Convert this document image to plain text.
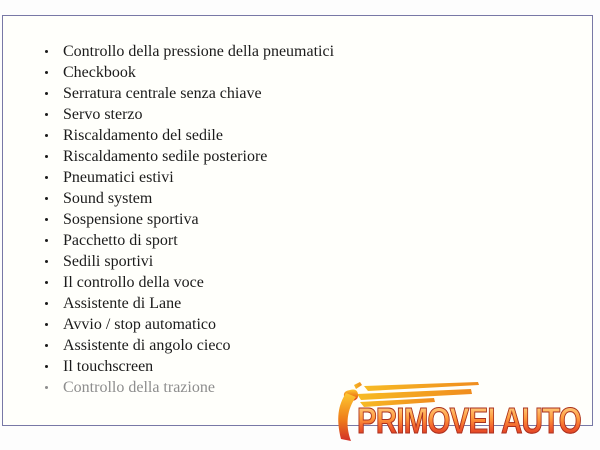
Controllo della pressione della pneumatici
Checkbook
Serratura centrale senza chiave
Servo sterzo
Riscaldamento del sedile
Riscaldamento sedile posteriore
Pneumatici estivi
Sound system
Sospensione sportiva
Pacchetto di sport
Sedili sportivi
Il controllo della voce
Assistente di Lane
Avvio / stop automatico
Assistente di angolo cieco
Il touchscreen
Controllo della trazione
PRIMOVEI AUTO
